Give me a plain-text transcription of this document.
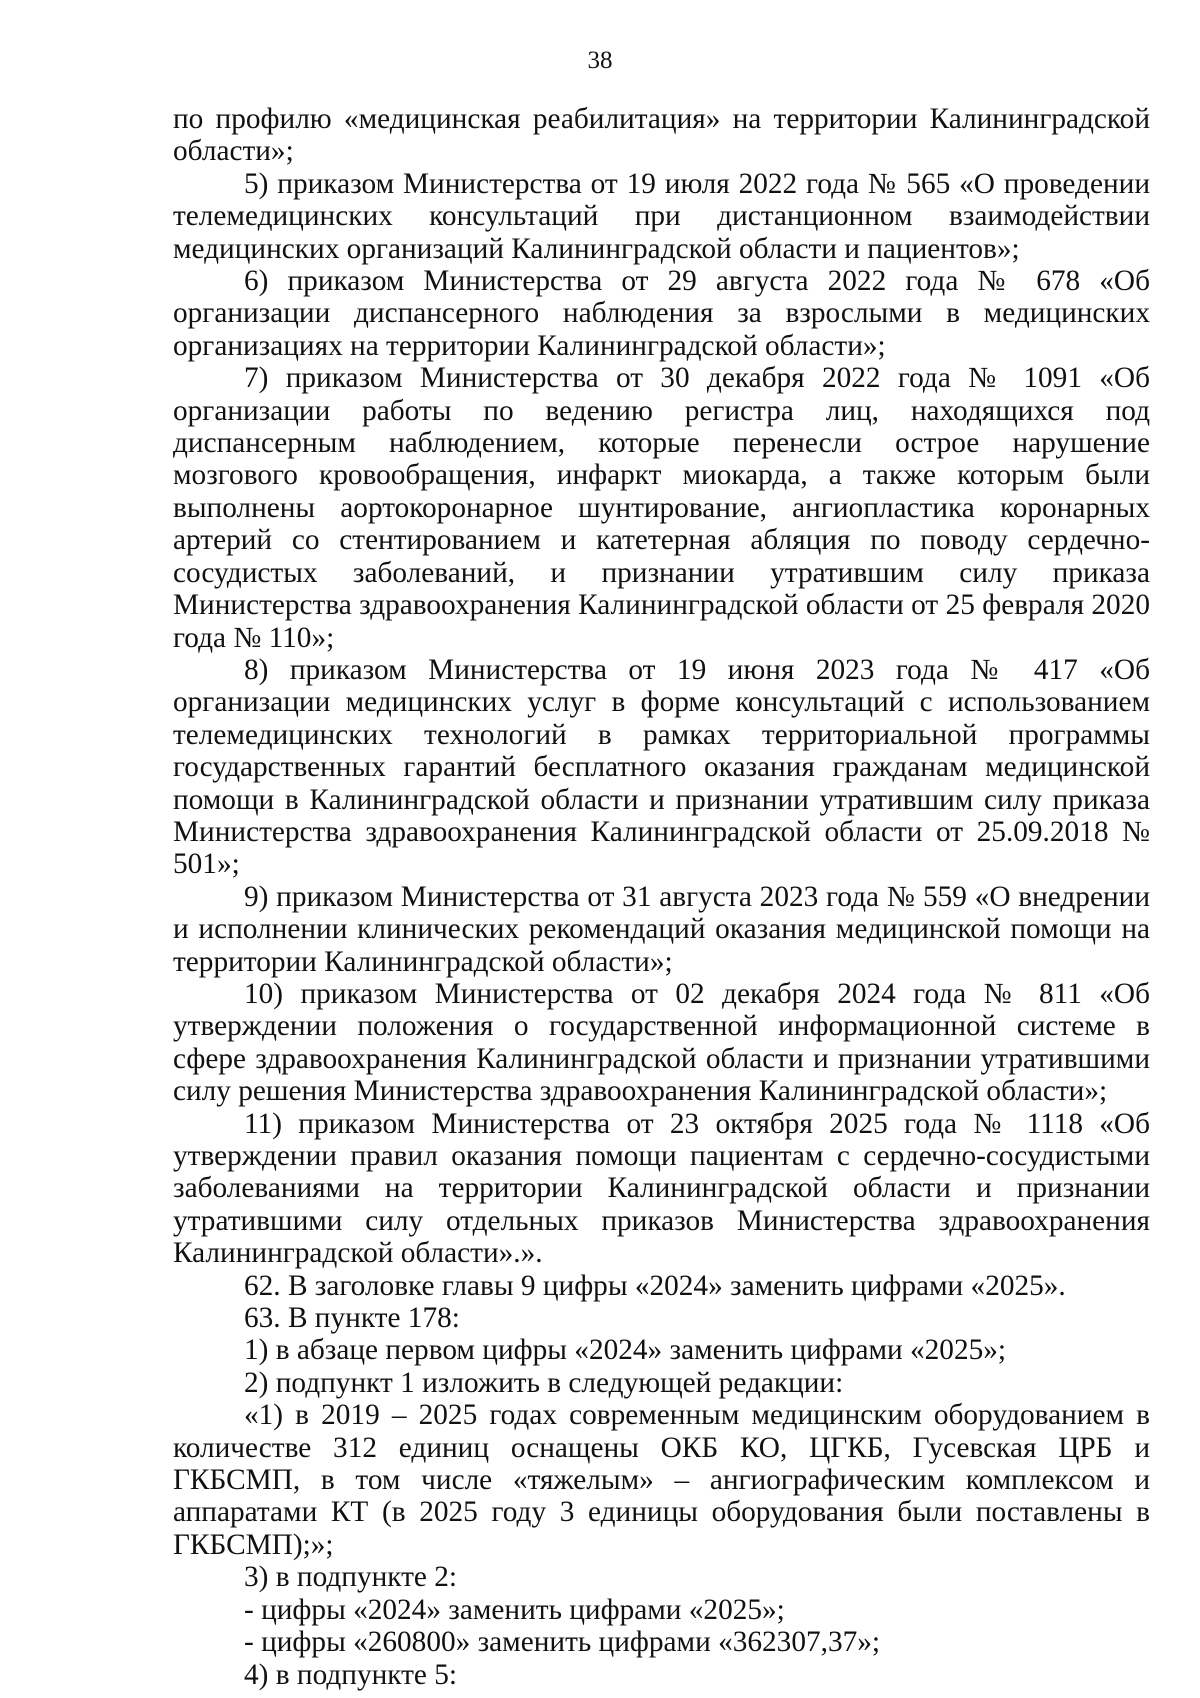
38

по профилю «медицинская реабилитация» на территории Калининградской области»;

5) приказом Министерства от 19 июля 2022 года № 565 «О проведении телемедицинских консультаций при дистанционном взаимодействии медицинских организаций Калининградской области и пациентов»;

6) приказом Министерства от 29 августа 2022 года № 678 «Об организации диспансерного наблюдения за взрослыми в медицинских организациях на территории Калининградской области»;

7) приказом Министерства от 30 декабря 2022 года № 1091 «Об организации работы по ведению регистра лиц, находящихся под диспансерным наблюдением, которые перенесли острое нарушение мозгового кровообращения, инфаркт миокарда, а также которым были выполнены аортокоронарное шунтирование, ангиопластика коронарных артерий со стентированием и катетерная абляция по поводу сердечно-сосудистых заболеваний, и признании утратившим силу приказа Министерства здравоохранения Калининградской области от 25 февраля 2020 года № 110»;

8) приказом Министерства от 19 июня 2023 года № 417 «Об организации медицинских услуг в форме консультаций с использованием телемедицинских технологий в рамках территориальной программы государственных гарантий бесплатного оказания гражданам медицинской помощи в Калининградской области и признании утратившим силу приказа Министерства здравоохранения Калининградской области от 25.09.2018 № 501»;

9) приказом Министерства от 31 августа 2023 года № 559 «О внедрении и исполнении клинических рекомендаций оказания медицинской помощи на территории Калининградской области»;

10) приказом Министерства от 02 декабря 2024 года № 811 «Об утверждении положения о государственной информационной системе в сфере здравоохранения Калининградской области и признании утратившими силу решения Министерства здравоохранения Калининградской области»;

11) приказом Министерства от 23 октября 2025 года № 1118 «Об утверждении правил оказания помощи пациентам с сердечно-сосудистыми заболеваниями на территории Калининградской области и признании утратившими силу отдельных приказов Министерства здравоохранения Калининградской области».».

62. В заголовке главы 9 цифры «2024» заменить цифрами «2025».

63. В пункте 178:

1) в абзаце первом цифры «2024» заменить цифрами «2025»;

2) подпункт 1 изложить в следующей редакции:

«1) в 2019 – 2025 годах современным медицинским оборудованием в количестве 312 единиц оснащены ОКБ КО, ЦГКБ, Гусевская ЦРБ и ГКБСМП, в том числе «тяжелым» – ангиографическим комплексом и аппаратами КТ (в 2025 году 3 единицы оборудования были поставлены в ГКБСМП);»;

3) в подпункте 2:

- цифры «2024» заменить цифрами «2025»;

- цифры «260800» заменить цифрами «362307,37»;

4) в подпункте 5:
